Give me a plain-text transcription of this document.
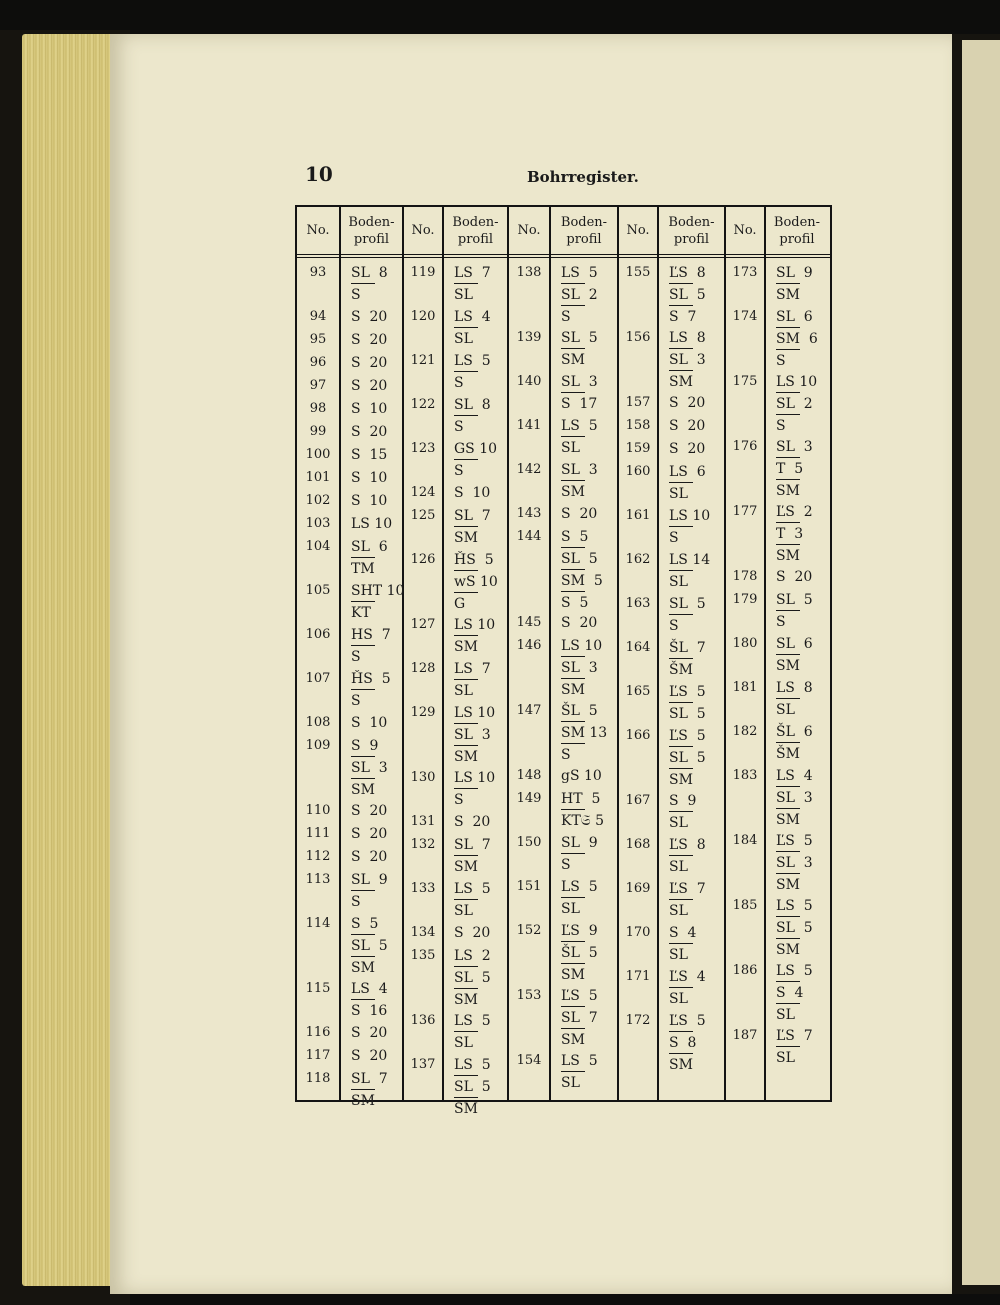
10	Bohrregister.
No.
Boden-
profil
No.
Boden-
profil
No.
Boden-
profil
No.
Boden-
profil
No.
Boden-
profil
93	SL  8
S
94	S  20
95	S  20
96	S  20
97	S  20
98	S  10
99	S  20
100	S  15
101	S  10
102	S  10
103	LS 10
104	SL  6
TM
105	SHT 10
KT
106	HS  7
S
107	ȞS  5
S
108	S  10
109	S  9
SL  3
SM
110	S  20
111	S  20
112	S  20
113	SL  9
S
114	S  5
SL  5
SM
115	LS  4
S  16
116	S  20
117	S  20
118	SL  7
SM
119	LS  7
SL
120	LS  4
SL
121	LS  5
S
122	SL  8
S
123	GS 10
S
124	S  10
125	SL  7
SM
126	ȞS  5
wS 10
G
127	LS 10
SM
128	LS  7
SL
129	LS 10
SL  3
SM
130	LS 10
S
131	S  20
132	SL  7
SM
133	LS  5
SL
134	S  20
135	LS  2
SL  5
SM
136	LS  5
SL
137	LS  5
SL  5
SM
138	LS  5
SL  2
S
139	SL  5
SM
140	SL  3
S  17
141	LS  5
SL
142	SL  3
SM
143	S  20
144	S  5
SL  5
SM  5
S  5
145	S  20
146	LS 10
SL  3
SM
147	ŠL  5
SM 13
S
148	gS 10
149	HT  5
KT𝔖 5
150	SL  9
S
151	LS  5
SL
152	ĽS  9
ŠL  5
SM
153	ĽS  5
SL  7
SM
154	LS  5
SL
155	ĽS  8
SL  5
S  7
156	LS  8
SL  3
SM
157	S  20
158	S  20
159	S  20
160	LS  6
SL
161	LS 10
S
162	LS 14
SL
163	SL  5
S
164	ŠL  7
ŠM
165	ĽS  5
SL  5
166	ĽS  5
SL  5
SM
167	S  9
SL
168	ĽS  8
SL
169	ĽS  7
SL
170	S  4
SL
171	ĽS  4
SL
172	ĽS  5
S  8
SM
173	SL  9
SM
174	SL  6
SM  6
S
175	LS 10
SL  2
S
176	SL  3
T  5
SM
177	ĽS  2
T  3
SM
178	S  20
179	SL  5
S
180	SL  6
SM
181	LS  8
SL
182	ŠL  6
ŠM
183	LS  4
SL  3
SM
184	ĽS  5
SL  3
SM
185	LS  5
SL  5
SM
186	LS  5
S  4
SL
187	ĽS  7
SL
